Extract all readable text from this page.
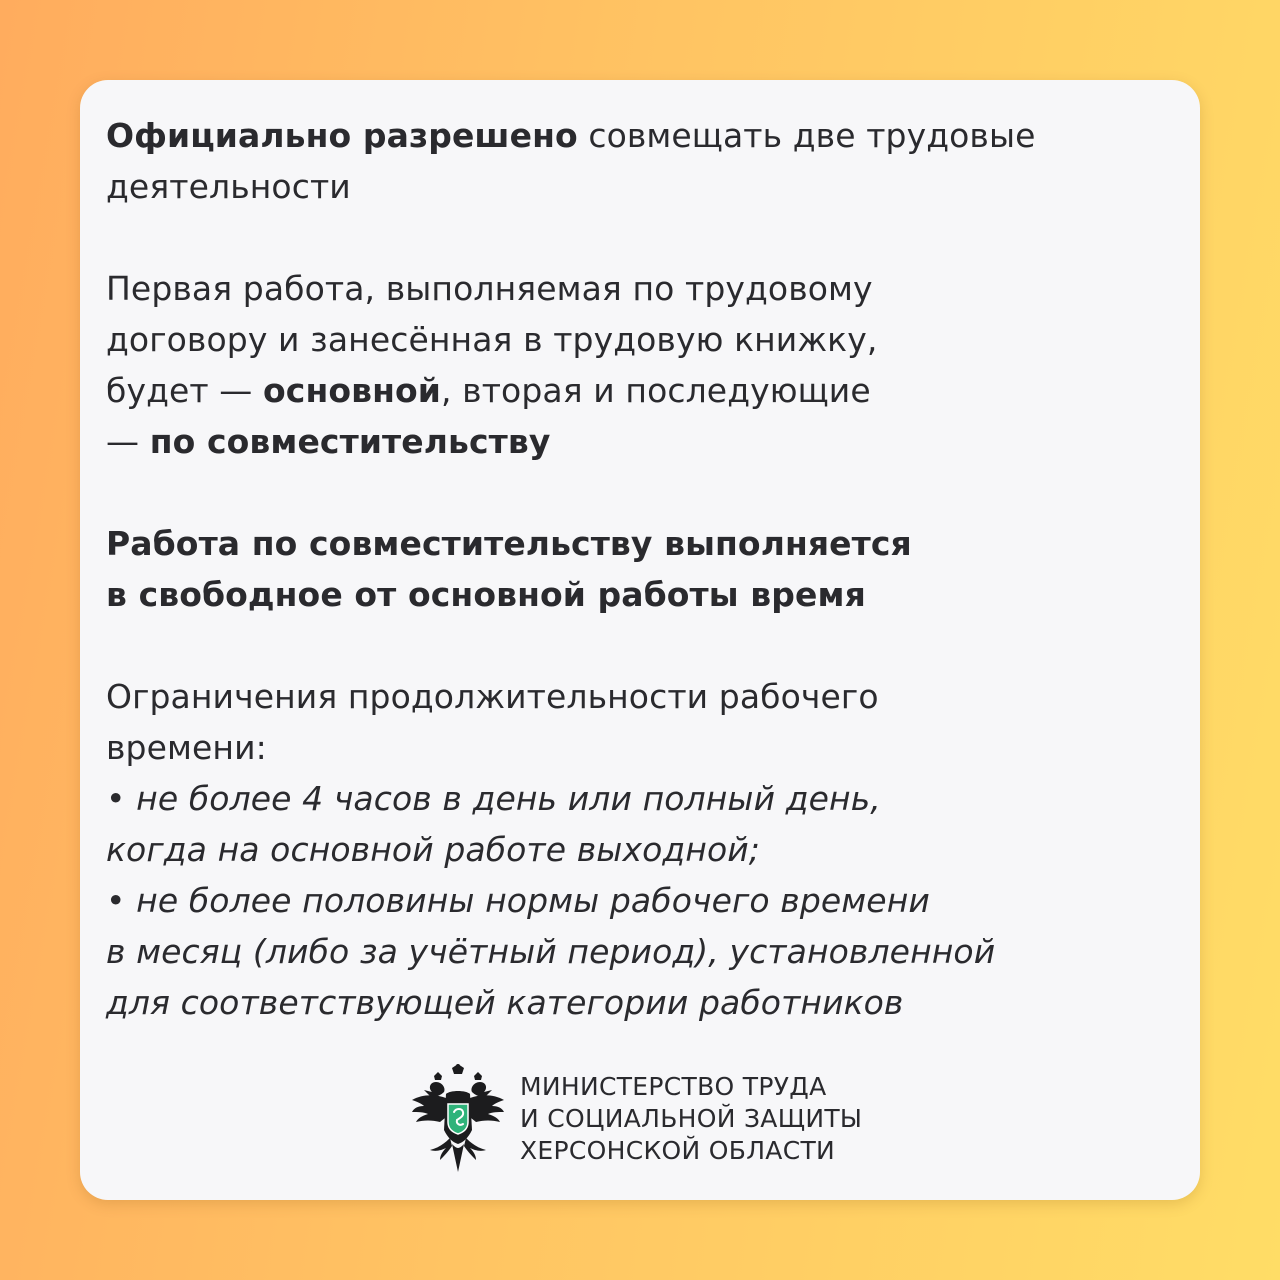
Официально разрешено совмещать две трудовые
деятельности

Первая работа, выполняемая по трудовому
договору и занесённая в трудовую книжку,
будет — основной, вторая и последующие
— по совместительству

Работа по совместительству выполняется
в свободное от основной работы время

Ограничения продолжительности рабочего
времени:
• не более 4 часов в день или полный день,
когда на основной работе выходной;
• не более половины нормы рабочего времени
в месяц (либо за учётный период), установленной
для соответствующей категории работников

МИНИСТЕРСТВО ТРУДА
И СОЦИАЛЬНОЙ ЗАЩИТЫ
ХЕРСОНСКОЙ ОБЛАСТИ
